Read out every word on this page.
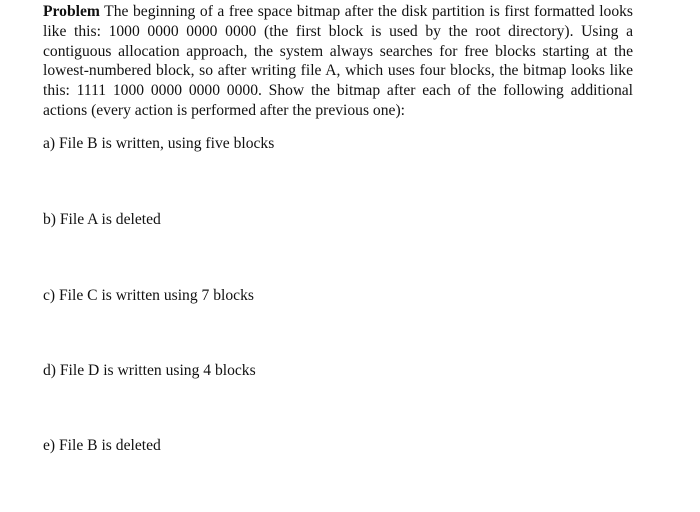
Problem The beginning of a free space bitmap after the disk partition is first formatted looks like this: 1000 0000 0000 0000 (the first block is used by the root directory). Using a contiguous allocation approach, the system always searches for free blocks starting at the lowest-numbered block, so after writing file A, which uses four blocks, the bitmap looks like this: 1111 1000 0000 0000 0000. Show the bitmap after each of the following additional actions (every action is performed after the previous one):

a) File B is written, using five blocks

b) File A is deleted

c) File C is written using 7 blocks

d) File D is written using 4 blocks

e) File B is deleted
